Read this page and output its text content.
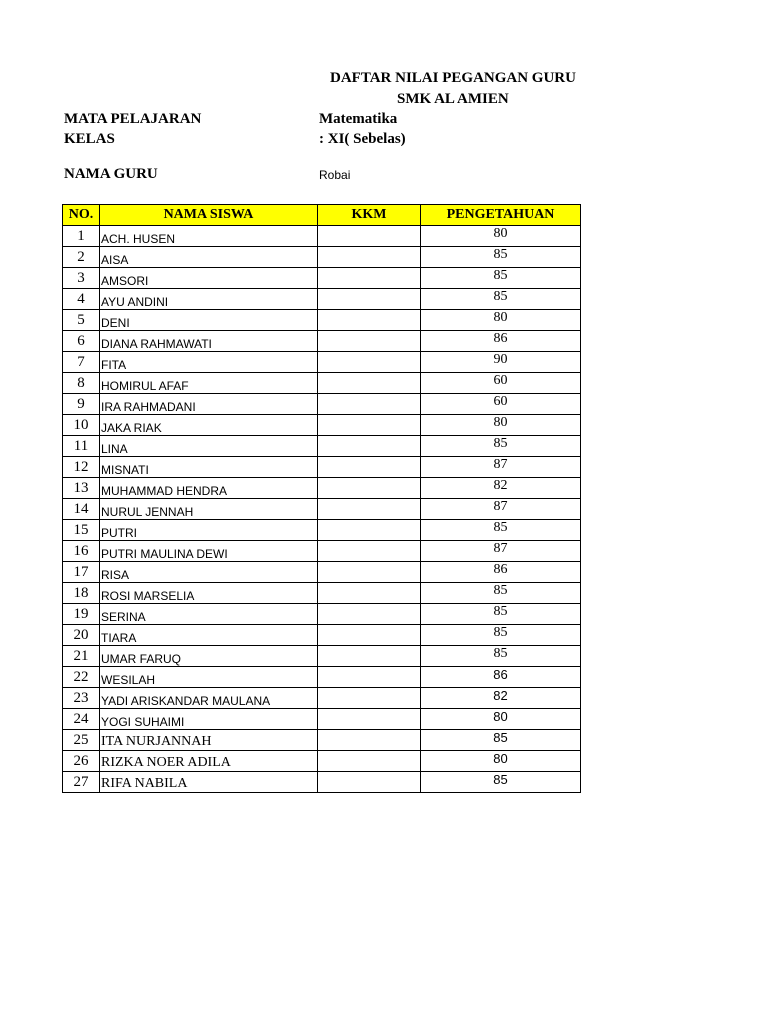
DAFTAR NILAI PEGANGAN GURU
SMK AL AMIEN
MATA PELAJARAN	Matematika
KELAS	: XI( Sebelas)
NAMA GURU	Robai
NO.	NAMA SISWA	KKM	PENGETAHUAN
1	ACH. HUSEN		80
2	AISA		85
3	AMSORI		85
4	AYU ANDINI		85
5	DENI		80
6	DIANA RAHMAWATI		86
7	FITA		90
8	HOMIRUL AFAF		60
9	IRA RAHMADANI		60
10	JAKA RIAK		80
11	LINA		85
12	MISNATI		87
13	MUHAMMAD HENDRA		82
14	NURUL JENNAH		87
15	PUTRI		85
16	PUTRI MAULINA DEWI		87
17	RISA		86
18	ROSI MARSELIA		85
19	SERINA		85
20	TIARA		85
21	UMAR FARUQ		85
22	WESILAH		86
23	YADI ARISKANDAR MAULANA		82
24	YOGI SUHAIMI		80
25	ITA NURJANNAH		85
26	RIZKA NOER ADILA		80
27	RIFA NABILA		85
